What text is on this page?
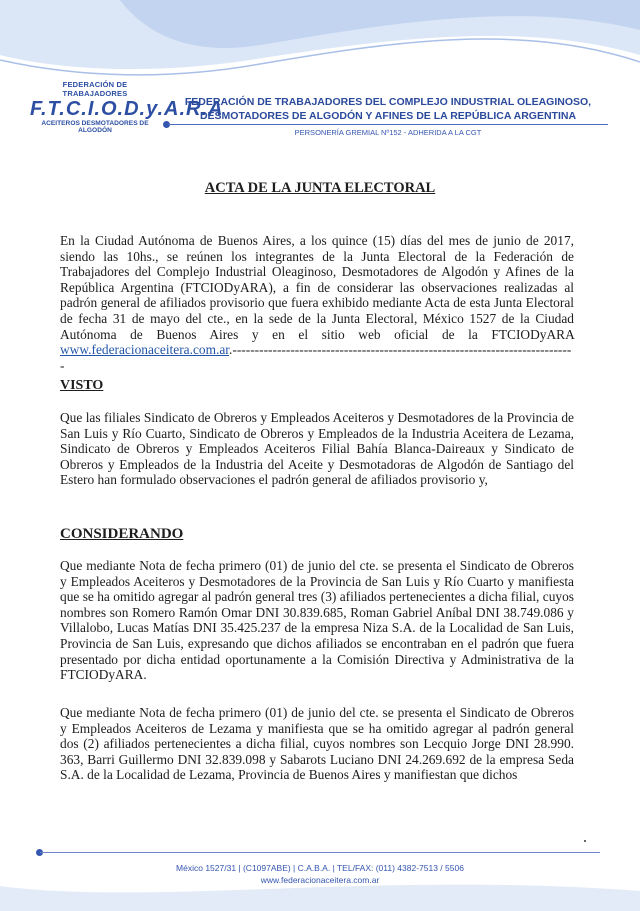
FEDERACIÓN DE TRABAJADORES
F.T.C.I.O.D.y.A.R.A
ACEITEROS DESMOTADORES DE ALGODÓN
FEDERACIÓN DE TRABAJADORES DEL COMPLEJO INDUSTRIAL OLEAGINOSO,
DESMOTADORES DE ALGODÓN Y AFINES DE LA REPÚBLICA ARGENTINA
PERSONERÍA GREMIAL Nº152 - ADHERIDA A LA CGT
ACTA DE LA JUNTA ELECTORAL
En la Ciudad Autónoma de Buenos Aires, a los quince (15) días del mes de junio de 2017, siendo las 10hs., se reúnen los integrantes de la Junta Electoral de la Federación de Trabajadores del Complejo Industrial Oleaginoso, Desmotadores de Algodón y Afines de la República Argentina (FTCIODyARA), a fin de considerar las observaciones realizadas al padrón general de afiliados provisorio que fuera exhibido mediante Acta de esta Junta Electoral de fecha 31 de mayo del cte., en la sede de la Junta Electoral, México 1527 de la Ciudad Autónoma de Buenos Aires y en el sitio web oficial de la FTCIODyARA www.federacionaceitera.com.ar.-----------------------------------------------------------------------------
VISTO
Que las filiales Sindicato de Obreros y Empleados Aceiteros y Desmotadores de la Provincia de San Luis y Río Cuarto, Sindicato de Obreros y Empleados de la Industria Aceitera de Lezama, Sindicato de Obreros y Empleados Aceiteros Filial Bahía Blanca-Daireaux y Sindicato de Obreros y Empleados de la Industria del Aceite y Desmotadoras de Algodón de Santiago del Estero han formulado observaciones el padrón general de afiliados provisorio y,
CONSIDERANDO
Que mediante Nota de fecha primero (01) de junio del cte. se presenta el Sindicato de Obreros y Empleados Aceiteros y Desmotadores de la Provincia de San Luis y Río Cuarto y manifiesta que se ha omitido agregar al padrón general tres (3) afiliados pertenecientes a dicha filial, cuyos nombres son Romero Ramón Omar DNI 30.839.685, Roman Gabriel Aníbal DNI 38.749.086 y Villalobo, Lucas Matías DNI 35.425.237 de la empresa Niza S.A. de la Localidad de San Luis, Provincia de San Luis, expresando que dichos afiliados se encontraban en el padrón que fuera presentado por dicha entidad oportunamente a la Comisión Directiva y Administrativa de la FTCIODyARA.
Que mediante Nota de fecha primero (01) de junio del cte. se presenta el Sindicato de Obreros y Empleados Aceiteros de Lezama y manifiesta que se ha omitido agregar al padrón general dos (2) afiliados pertenecientes a dicha filial, cuyos nombres son Lecquio Jorge DNI 28.990. 363, Barri Guillermo DNI 32.839.098 y Sabarots Luciano DNI 24.269.692 de la empresa Seda S.A. de la Localidad de Lezama, Provincia de Buenos Aires y manifiestan que dichos
México 1527/31 | (C1097ABE) | C.A.B.A. | TEL/FAX: (011) 4382-7513 / 5506
www.federacionaceitera.com.ar
